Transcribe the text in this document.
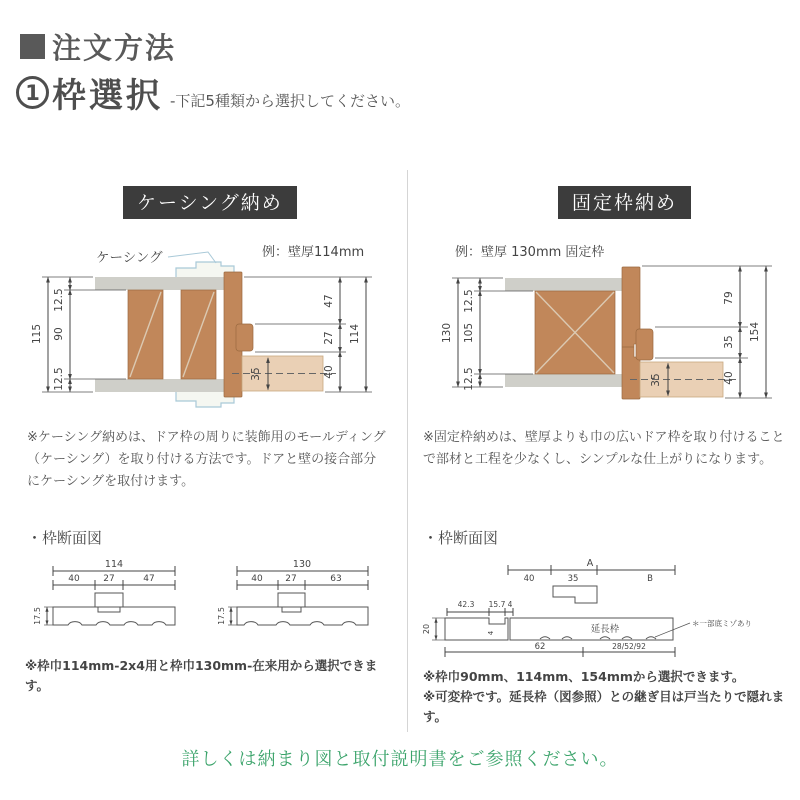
注文方法
1 枠選択 -下記5種類から選択してください。
ケーシング納め	固定枠納め
ケーシング	例：壁厚114mm
35
115
12.5
90
12.5
47
27
40
114
例：壁厚 130mm 固定枠
35
130
12.5
105
12.5
79
35
40
154
※ケーシング納めは、ドア枠の周りに装飾用のモールディング（ケーシング）を取り付ける方法です。ドアと壁の接合部分にケーシングを取付けます。
※固定枠納めは、壁厚よりも巾の広いドア枠を取り付けることで部材と工程を少なくし、シンプルな仕上がりになります。
・枠断面図	・枠断面図
114
40	27	47
17.5
130
40	27	63
17.5
A
40	35	B
42.3 15.7 4
4	延長枠
＊一部底ミゾあり
20
62	28/52/92
※枠巾114mm-2x4用と枠巾130mm-在来用から選択できます。
※枠巾90mm、114mm、154mmから選択できます。
※可変枠です。延長枠（図参照）との継ぎ目は戸当たりで隠れます。
詳しくは納まり図と取付説明書をご参照ください。
